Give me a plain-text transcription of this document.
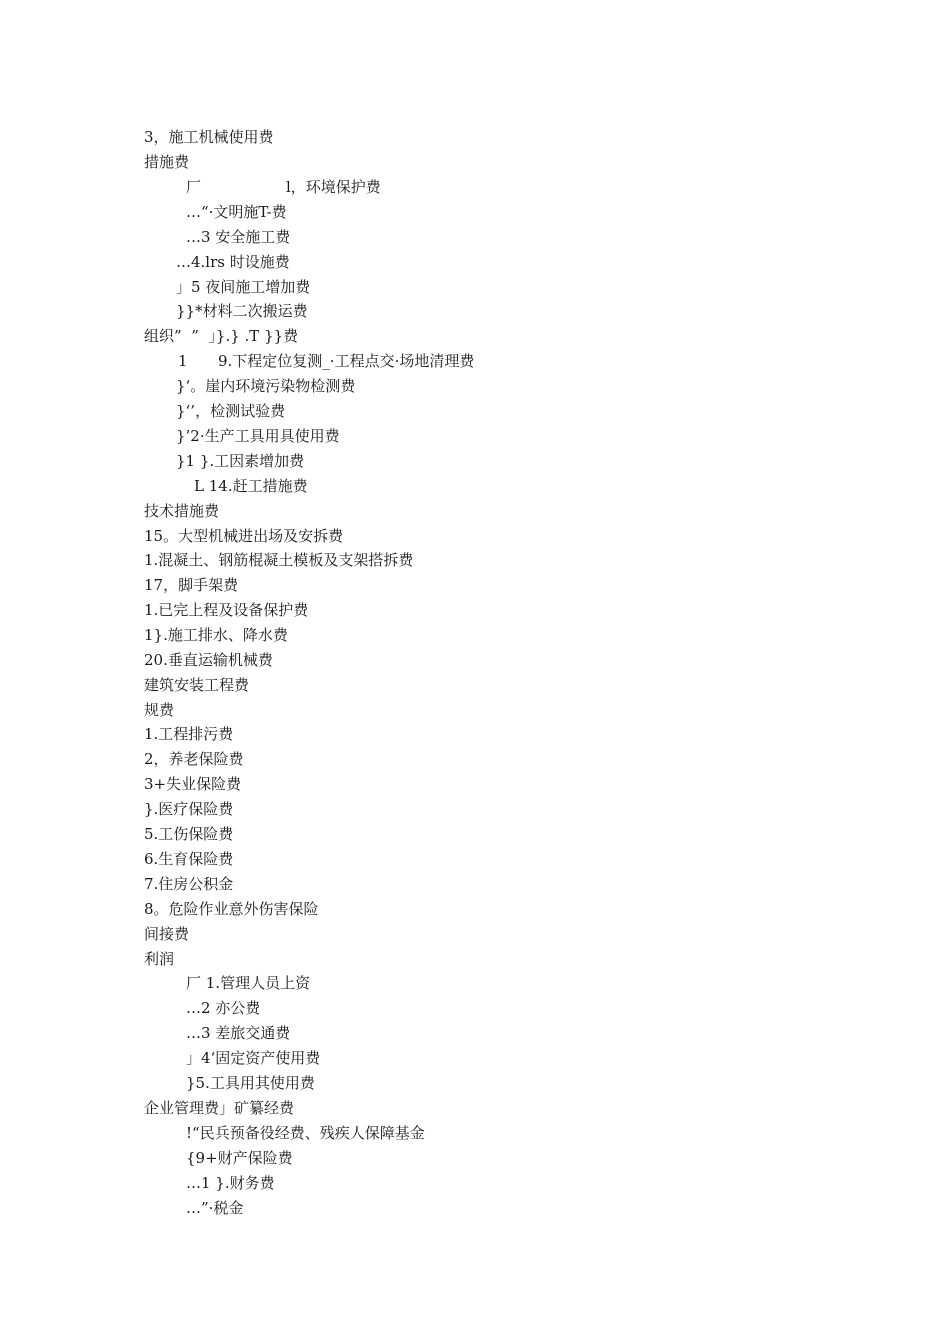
3，施工机械使用费
措施费
厂	l，环境保护费
…“·文明施T-费
…3 安全施工费
…4.lrs 时设施费
」5 夜间施工增加费
}}*材料二次搬运费
组织”  ”  」}.} .T }}费
1 9.下程定位复测_·工程点交·场地清理费
}‘。崖内环境污染物检测费
}‘’，检测试验费
}’2·生产工具用具使用费
}1 }.工因素增加费
L 14.赶工措施费
技术措施费
15。大型机械进出场及安拆费
1.混凝土、钢筋棍凝土模板及支架搭拆费
17，脚手架费
1.已完上程及设备保护费
1}.施工排水、降水费
20.垂直运输机械费
建筑安装工程费
规费
1.工程排污费
2，养老保险费
3+失业保险费
}.医疗保险费
5.工伤保险费
6.生育保险费
7.住房公积金
8。危险作业意外伤害保险
间接费
利润
厂 1.管理人员上资
…2 亦公费
…3 差旅交通费
」4‘固定资产使用费
}5.工具用其使用费
企业管理费」矿纂经费
!“民兵预备役经费、残疾人保障基金
{9+财产保险费
…1 }.财务费
…”·税金
